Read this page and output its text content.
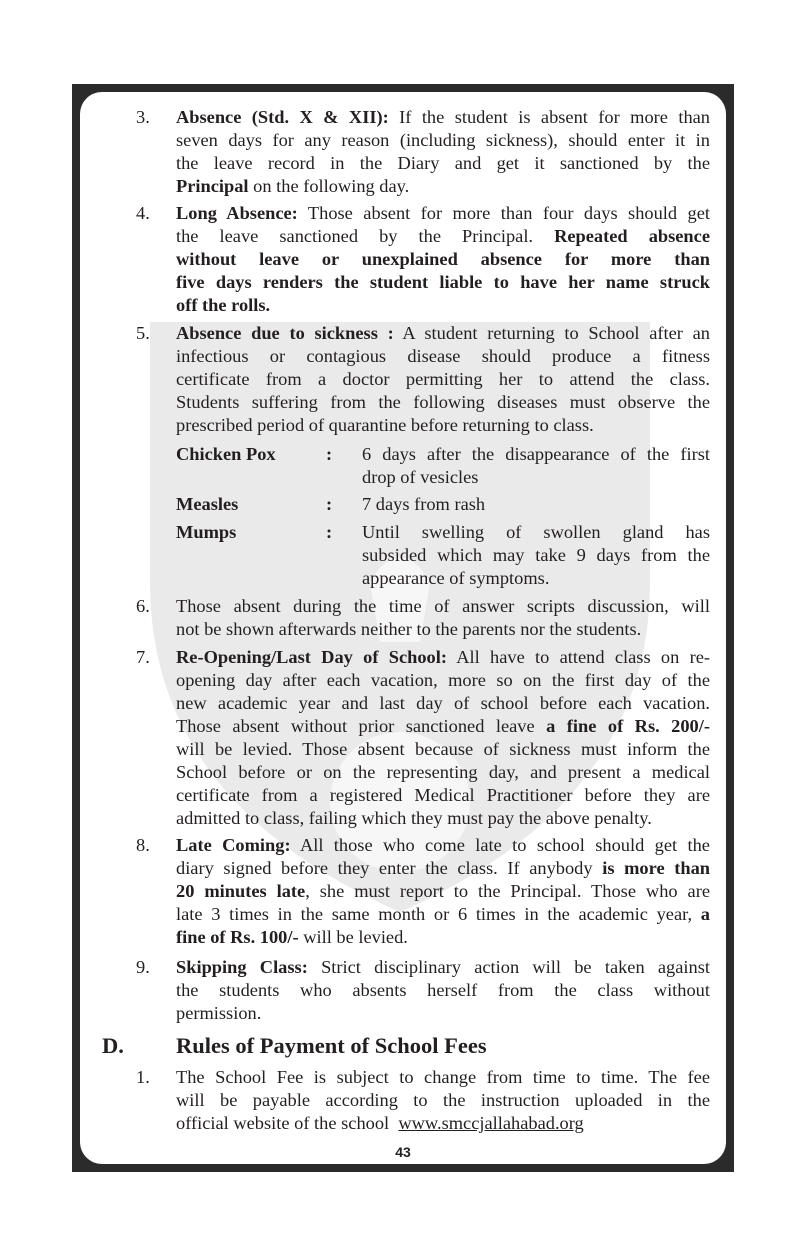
3.	Absence (Std. X & XII): If the student is absent for more than
seven days for any reason (including sickness), should enter it in
the leave record in the Diary and get it sanctioned by the
Principal on the following day.
4.	Long Absence: Those absent for more than four days should get
the leave sanctioned by the Principal. Repeated absence
without leave or unexplained absence for more than
five days renders the student liable to have her name struck
off the rolls.
5.	Absence due to sickness : A student returning to School after an
infectious or contagious disease should produce a fitness
certificate from a doctor permitting her to attend the class.
Students suffering from the following diseases must observe the
prescribed period of quarantine before returning to class.
Chicken Pox	: 6 days after the disappearance of the first
drop of vesicles
Measles	: 7 days from rash
Mumps	: Until swelling of swollen gland has
subsided which may take 9 days from the
appearance of symptoms.
6.	Those absent during the time of answer scripts discussion, will
not be shown afterwards neither to the parents nor the students.
7.	Re-Opening/Last Day of School: All have to attend class on re-
opening day after each vacation, more so on the first day of the
new academic year and last day of school before each vacation.
Those absent without prior sanctioned leave a fine of Rs. 200/-
will be levied. Those absent because of sickness must inform the
School before or on the representing day, and present a medical
certificate from a registered Medical Practitioner before they are
admitted to class, failing which they must pay the above penalty.
8.	Late Coming: All those who come late to school should get the
diary signed before they enter the class. If anybody is more than
20 minutes late, she must report to the Principal. Those who are
late 3 times in the same month or 6 times in the academic year, a
fine of Rs. 100/- will be levied.
9.	Skipping Class: Strict disciplinary action will be taken against
the students who absents herself from the class without
permission.
D. Rules of Payment of School Fees
1.	The School Fee is subject to change from time to time. The fee
will be payable according to the instruction uploaded in the
official website of the school  www.smccjallahabad.org
43
